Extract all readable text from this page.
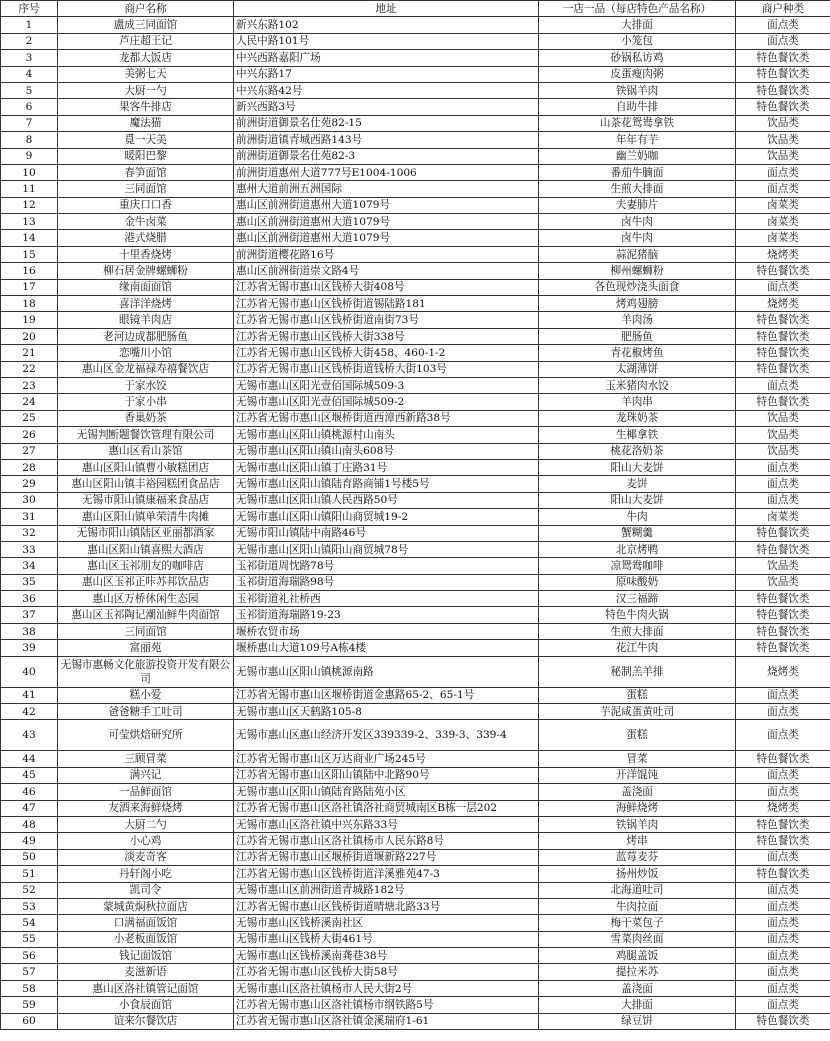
序号	商户名称	地址	一店一品（每店特色产品名称）	商户种类
1	盧成三同面馆	新兴东路102	大排面	面点类
2	芦庄超王记	人民中路101号	小笼包	面点类
3	龙都大饭店	中兴西路嘉阳广场	砂锅私访鸡	特色餐饮类
4	美粥七天	中兴东路17	皮蛋瘦肉粥	特色餐饮类
5	大厨一勺	中兴东路42号	铁锅羊肉	特色餐饮类
6	果客牛排店	新兴西路3号	自助牛排	特色餐饮类
7	魔法猫	前洲街道御景名仕苑82-15	山茶花鸳鸯拿铁	饮品类
8	覓一天美	前洲街道镇青城西路143号	年年有芋	饮品类
9	暖阳巴黎	前洲街道御景名仕苑82-3	幽兰奶咖	饮品类
10	春笋面馆	前洲街道惠州大道777号E1004-1006	番茄牛腩面	面点类
11	三同面馆	惠州大道前洲五洲国际	生煎大排面	面点类
12	重庆口口香	惠山区前洲街道惠州大道1079号	夫妻肺片	卤菜类
13	金牛卤菜	惠山区前洲街道惠州大道1079号	卤牛肉	卤菜类
14	港式烧腊	惠山区前洲街道惠州大道1079号	卤牛肉	卤菜类
15	十里香烧烤	前洲街道樱花路16号	蒜泥猪脑	烧烤类
16	柳石居金牌螺蛳粉	惠山区前洲街道崇文路4号	柳州螺蛳粉	特色餐饮类
17	缘南面面馆	江苏省无锡市惠山区钱桥大街408号	各色现炒浇头面食	面点类
18	喜洋洋烧烤	江苏省无锡市惠山区钱桥街道锡陆路181	烤鸡翅膀	烧烤类
19	眼镜羊肉店	江苏省无锡市惠山区钱桥街道南街73号	羊肉汤	特色餐饮类
20	老河边成都肥肠鱼	江苏省无锡市惠山区钱桥大街338号	肥肠鱼	特色餐饮类
21	恋嘴川小馆	江苏省无锡市惠山区钱桥大街458、460-1-2	青花椒烤鱼	特色餐饮类
22	惠山区金龙福禄寿禧餐饮店	江苏省无锡市惠山区钱桥街道钱桥大街103号	太湖薄饼	特色餐饮类
23	于家水饺	无锡市惠山区阳光壹佰国际城509-3	玉米猪肉水饺	面点类
24	于家小串	无锡市惠山区阳光壹佰国际城509-2	羊肉串	特色餐饮类
25	香巢奶茶	江苏省无锡市惠山区堰桥街道西漳西新路38号	龙珠奶茶	饮品类
26	无锡判断题餐饮管理有限公司	无锡市惠山区阳山镇桃源村山南头	生椰拿铁	饮品类
27	惠山区看山茶馆	无锡市惠山区阳山镇山南头608号	桃花洛奶茶	饮品类
28	惠山区阳山镇曹小敏糕团店	无锡市惠山区阳山镇丁庄路31号	阳山大麦饼	面点类
29	惠山区阳山镇丰裕园糕团食品店	无锡市惠山区阳山镇陆育路商铺1号楼5号	麦饼	面点类
30	无锡市阳山镇康福来食品店	无锡市惠山区阳山镇人民西路50号	阳山大麦饼	面点类
31	惠山区阳山镇单荣清牛肉摊	无锡市惠山区阳山镇阳山商贸城19-2	牛肉	卤菜类
32	无锡市阳山镇陆区亚丽都酒家	无锡市阳山镇陆中南路46号	蟹糊羹	特色餐饮类
33	惠山区阳山镇喜熙大酒店	无锡市惠山区阳山镇阳山商贸城78号	北京烤鸭	特色餐饮类
34	惠山区玉祁朋友的咖啡店	玉祁街道周忱路78号	凉鸳鸯咖啡	饮品类
35	惠山区玉祁正咔苏邦饮品店	玉祁街道海瑞路98号	原味酸奶	饮品类
36	惠山区万桥休闲生态园	玉祁街道礼社桥西	汉三福蹄	特色餐饮类
37	惠山区玉祁陶记潮汕鲜牛肉面馆	玉祁街道海瑞路19-23	特色牛肉火锅	特色餐饮类
38	三同面馆	堰桥农贸市场	生煎大排面	特色餐饮类
39	富丽苑	堰桥惠山大道109号A栋4楼	花江牛肉	特色餐饮类
40	无锡市惠畅文化旅游投资开发有限公司	无锡市惠山区阳山镇桃源南路	秘制羔羊排	烧烤类
41	糕小爱	江苏省无锡市惠山区堰桥街道金惠路65-2、65-1号	蛋糕	面点类
42	爸爸糖手工吐司	无锡市惠山区天鹤路105-8	芋泥咸蛋黄吐司	面点类
43	可莹烘焙研究所	无锡市惠山区惠山经济开发区339339-2、339-3、339-4	蛋糕	面点类
44	三顾冒菜	江苏省无锡市惠山区万达商业广场245号	冒菜	特色餐饮类
45	满兴记	江苏省无锡市惠山区阳山镇陆中北路90号	开洋馄饨	面点类
46	一品鲜面馆	无锡市惠山区阳山镇陆育路陆苑小区	盖浇面	面点类
47	友酒来海鲜烧烤	江苏省无锡市惠山区洛社镇洛社商贸城南区B栋一层202	海鲜烧烤	烧烤类
48	大厨二勺	无锡市惠山区洛社镇中兴东路33号	铁锅羊肉	特色餐饮类
49	小心鸡	江苏省无锡市惠山区洛社镇杨市人民东路8号	烤串	特色餐饮类
50	淡麦奇客	江苏省无锡市惠山区堰桥街道堰新路227号	蓝莓麦芬	面点类
51	丹轩阁小吃	江苏省无锡市惠山区钱桥街道洋溪雅苑47-3	扬州炒饭	特色餐饮类
52	凯司令	无锡市惠山区前洲街道青城路182号	北海道吐司	面点类
53	蒙城黄焖秋拉面店	江苏省无锡市惠山区钱桥街道晴塘北路33号	牛肉拉面	面点类
54	口满福面饭馆	无锡市惠山区钱桥溪南社区	梅干菜包子	面点类
55	小老板面饭馆	无锡市惠山区钱桥大街461号	雪菜肉丝面	面点类
56	钱记面饭馆	无锡市惠山区钱桥溪南龚巷38号	鸡腿盖饭	面点类
57	麦滋新语	江苏省无锡市惠山区钱桥大街58号	提拉米苏	面点类
58	惠山区洛社镇管记面馆	无锡市惠山区洛社镇杨市人民大街2号	盖浇面	面点类
59	小食辰面馆	江苏省无锡市惠山区洛社镇杨市纲铁路5号	大排面	面点类
60	谊来尔餐饮店	江苏省无锡市惠山区洛社镇金溪瑞府1-61	绿豆饼	特色餐饮类
